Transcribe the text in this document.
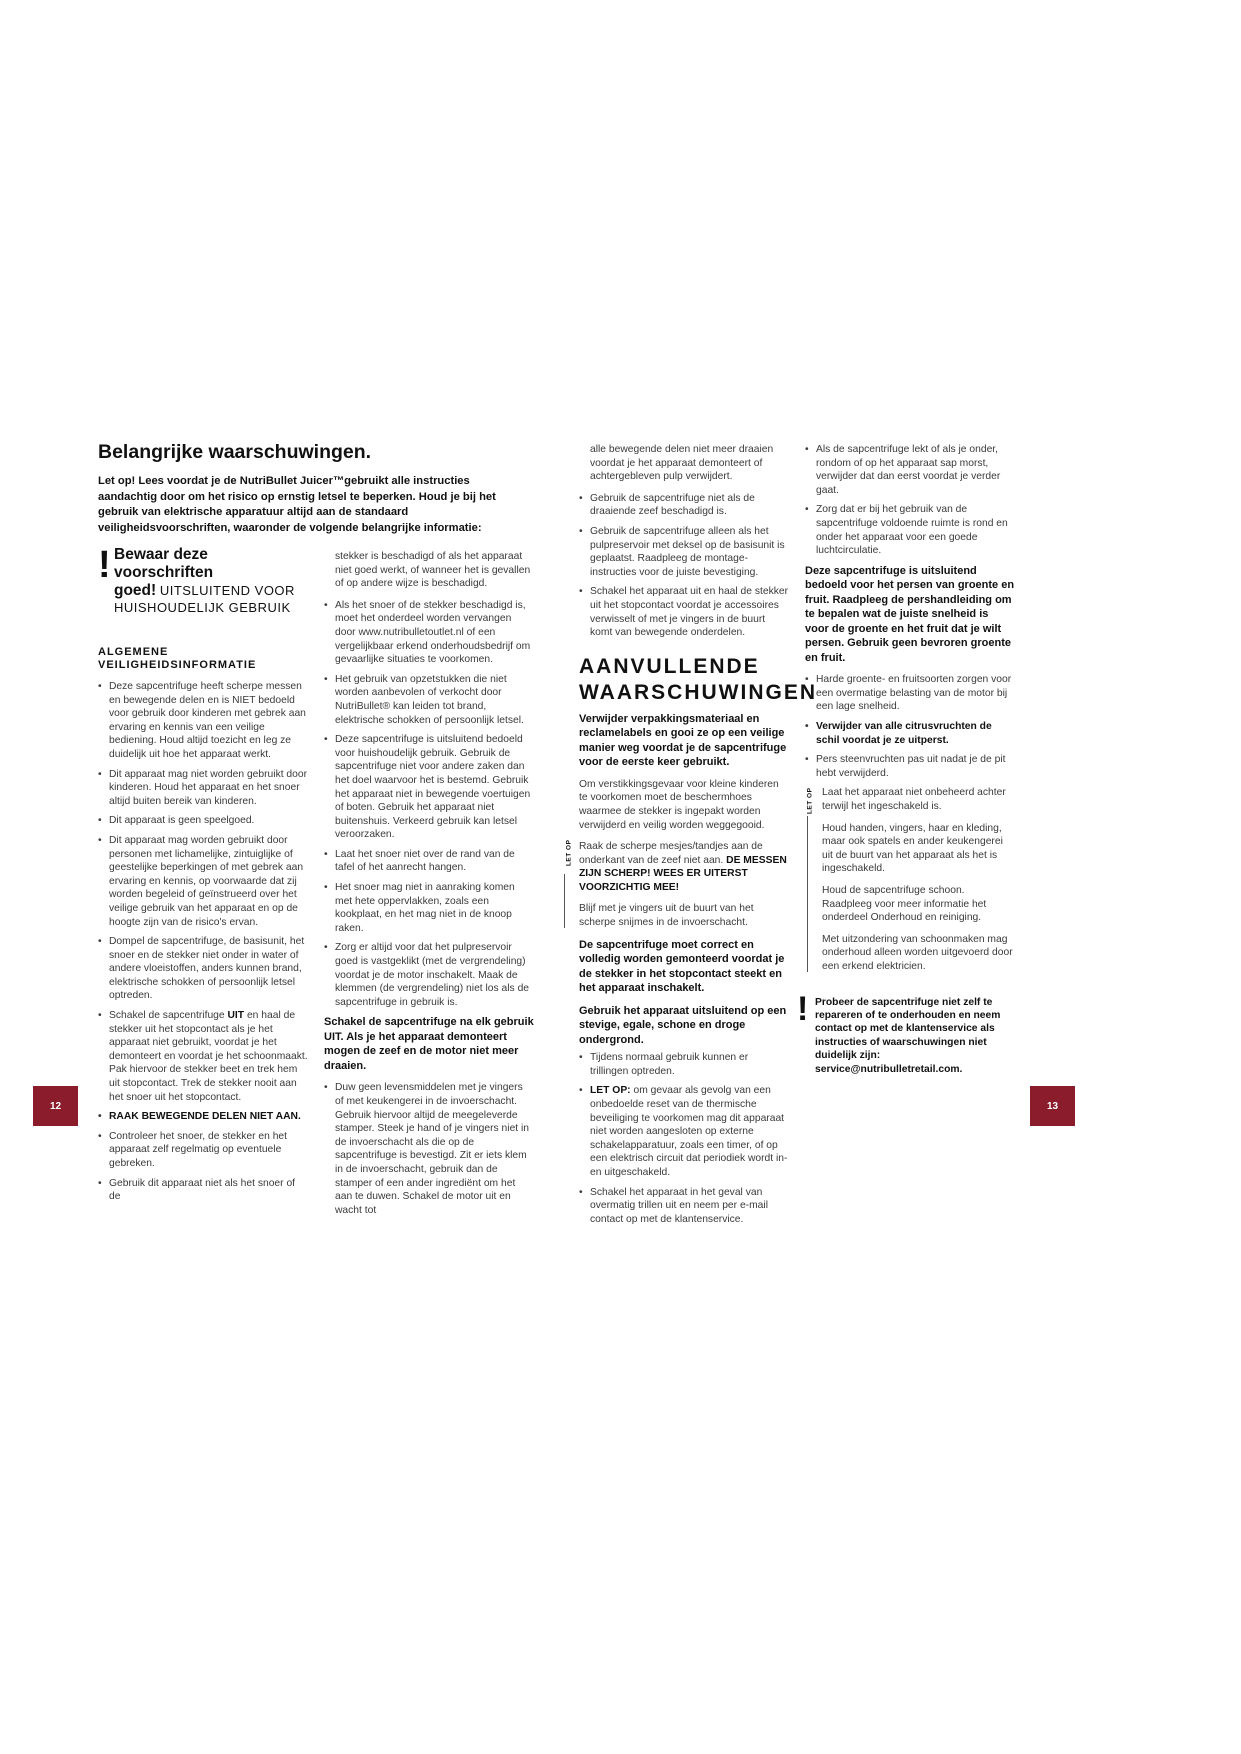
12	13
Belangrijke waarschuwingen.
Let op! Lees voordat je de NutriBullet Juicer™gebruikt alle instructies aandachtig door om het risico op ernstig letsel te beperken. Houd je bij het gebruik van elektrische apparatuur altijd aan de standaard veiligheidsvoorschriften, waaronder de volgende belangrijke informatie:
! Bewaar deze voorschriften
goed! UITSLUITEND VOOR
HUISHOUDELIJK GEBRUIK
ALGEMENE VEILIGHEIDSINFORMATIE
• Deze sapcentrifuge heeft scherpe messen en bewegende delen en is NIET bedoeld voor gebruik door kinderen met gebrek aan ervaring en kennis van een veilige bediening. Houd altijd toezicht en leg ze duidelijk uit hoe het apparaat werkt.
• Dit apparaat mag niet worden gebruikt door kinderen. Houd het apparaat en het snoer altijd buiten bereik van kinderen.
• Dit apparaat is geen speelgoed.
• Dit apparaat mag worden gebruikt door personen met lichamelijke, zintuiglijke of geestelijke beperkingen of met gebrek aan ervaring en kennis, op voorwaarde dat zij worden begeleid of geïnstrueerd over het veilige gebruik van het apparaat en op de hoogte zijn van de risico's ervan.
• Dompel de sapcentrifuge, de basisunit, het snoer en de stekker niet onder in water of andere vloeistoffen, anders kunnen brand, elektrische schokken of persoonlijk letsel optreden.
• Schakel de sapcentrifuge UIT en haal de stekker uit het stopcontact als je het apparaat niet gebruikt, voordat je het demonteert en voordat je het schoonmaakt. Pak hiervoor de stekker beet en trek hem uit stopcontact. Trek de stekker nooit aan het snoer uit het stopcontact.
• RAAK BEWEGENDE DELEN NIET AAN.
• Controleer het snoer, de stekker en het apparaat zelf regelmatig op eventuele gebreken.
• Gebruik dit apparaat niet als het snoer of de

stekker is beschadigd of als het apparaat niet goed werkt, of wanneer het is gevallen of op andere wijze is beschadigd.

• Als het snoer of de stekker beschadigd is, moet het onderdeel worden vervangen door www.nutribulletoutlet.nl of een vergelijkbaar erkend onderhoudsbedrijf om gevaarlijke situaties te voorkomen.
• Het gebruik van opzetstukken die niet worden aanbevolen of verkocht door NutriBullet® kan leiden tot brand, elektrische schokken of persoonlijk letsel.
• Deze sapcentrifuge is uitsluitend bedoeld voor huishoudelijk gebruik. Gebruik de sapcentrifuge niet voor andere zaken dan het doel waarvoor het is bestemd. Gebruik het apparaat niet in bewegende voertuigen of boten. Gebruik het apparaat niet buitenshuis. Verkeerd gebruik kan letsel veroorzaken.
• Laat het snoer niet over de rand van de tafel of het aanrecht hangen.
• Het snoer mag niet in aanraking komen met hete oppervlakken, zoals een kookplaat, en het mag niet in de knoop raken.
• Zorg er altijd voor dat het pulpreservoir goed is vastgeklikt (met de vergrendeling) voordat je de motor inschakelt. Maak de klemmen (de vergrendeling) niet los als de sapcentrifuge in gebruik is.

Schakel de sapcentrifuge na elk gebruik UIT. Als je het apparaat demonteert mogen de zeef en de motor niet meer draaien.

• Duw geen levensmiddelen met je vingers of met keukengerei in de invoerschacht. Gebruik hiervoor altijd de meegeleverde stamper. Steek je hand of je vingers niet in de invoerschacht als die op de sapcentrifuge is bevestigd. Zit er iets klem in de invoerschacht, gebruik dan de stamper of een ander ingrediënt om het aan te duwen. Schakel de motor uit en wacht tot

alle bewegende delen niet meer draaien voordat je het apparaat demonteert of achtergebleven pulp verwijdert.

• Gebruik de sapcentrifuge niet als de draaiende zeef beschadigd is.
• Gebruik de sapcentrifuge alleen als het pulpreservoir met deksel op de basisunit is geplaatst. Raadpleeg de montage-instructies voor de juiste bevestiging.
• Schakel het apparaat uit en haal de stekker uit het stopcontact voordat je accessoires verwisselt of met je vingers in de buurt komt van bewegende onderdelen.
AANVULLENDE
WAARSCHUWINGEN

Verwijder verpakkingsmateriaal en reclamelabels en gooi ze op een veilige manier weg voordat je de sapcentrifuge voor de eerste keer gebruikt.

Om verstikkingsgevaar voor kleine kinderen te voorkomen moet de beschermhoes waarmee de stekker is ingepakt worden verwijderd en veilig worden weggegooid.

LET OP Raak de scherpe mesjes/tandjes aan de onderkant van de zeef niet aan. DE MESSEN ZIJN SCHERP! WEES ER UITERST VOORZICHTIG MEE!

Blijf met je vingers uit de buurt van het scherpe snijmes in de invoerschacht.

De sapcentrifuge moet correct en volledig worden gemonteerd voordat je de stekker in het stopcontact steekt en het apparaat inschakelt.

Gebruik het apparaat uitsluitend op een stevige, egale, schone en droge ondergrond.

• Tijdens normaal gebruik kunnen er trillingen optreden.
• LET OP: om gevaar als gevolg van een onbedoelde reset van de thermische beveiliging te voorkomen mag dit apparaat niet worden aangesloten op externe schakelapparatuur, zoals een timer, of op een elektrisch circuit dat periodiek wordt in- en uitgeschakeld.
• Schakel het apparaat in het geval van overmatig trillen uit en neem per e-mail contact op met de klantenservice.
• Als de sapcentrifuge lekt of als je onder, rondom of op het apparaat sap morst, verwijder dat dan eerst voordat je verder gaat.
• Zorg dat er bij het gebruik van de sapcentrifuge voldoende ruimte is rond en onder het apparaat voor een goede luchtcirculatie.

Deze sapcentrifuge is uitsluitend bedoeld voor het persen van groente en fruit. Raadpleeg de pershandleiding om te bepalen wat de juiste snelheid is voor de groente en het fruit dat je wilt persen. Gebruik geen bevroren groente en fruit.

• Harde groente- en fruitsoorten zorgen voor een overmatige belasting van de motor bij een lage snelheid.
• Verwijder van alle citrusvruchten de schil voordat je ze uitperst.
• Pers steenvruchten pas uit nadat je de pit hebt verwijderd.
LET OP Laat het apparaat niet onbeheerd achter terwijl het ingeschakeld is.

Houd handen, vingers, haar en kleding, maar ook spatels en ander keukengerei uit de buurt van het apparaat als het is ingeschakeld.

Houd de sapcentrifuge schoon. Raadpleeg voor meer informatie het onderdeel Onderhoud en reiniging.

Met uitzondering van schoonmaken mag onderhoud alleen worden uitgevoerd door een erkend elektricien.

! Probeer de sapcentrifuge niet zelf te repareren of te onderhouden en neem contact op met de klantenservice als instructies of waarschuwingen niet duidelijk zijn: service@nutribulletretail.com.
